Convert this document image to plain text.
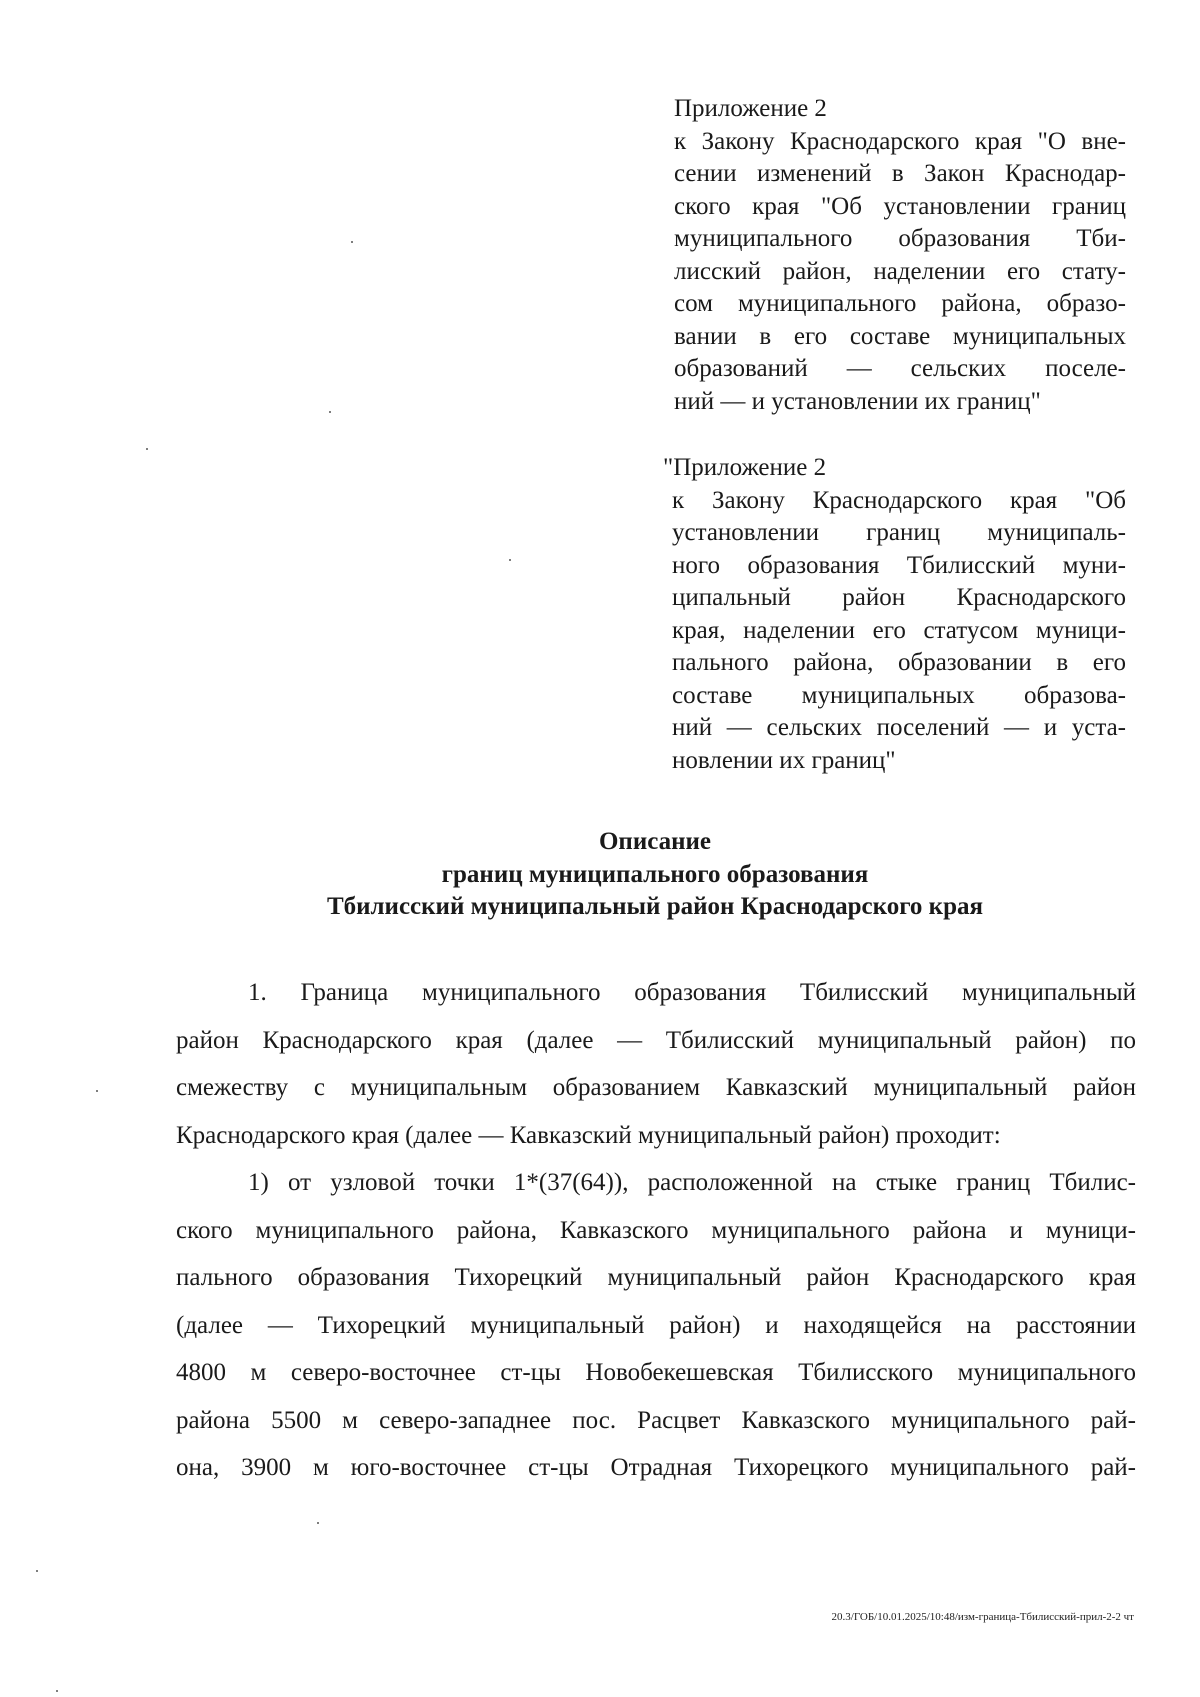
Приложение 2
к Закону Краснодарского края "О вне-
сении изменений в Закон Краснодар-
ского края "Об установлении границ
муниципального образования Тби-
лисский район, наделении его стату-
сом муниципального района, образо-
вании в его составе муниципальных
образований — сельских поселе-
ний — и установлении их границ"
"Приложение 2
к Закону Краснодарского края "Об
установлении границ муниципаль-
ного образования Тбилисский муни-
ципальный район Краснодарского
края, наделении его статусом муници-
пального района, образовании в его
составе муниципальных образова-
ний — сельских поселений — и уста-
новлении их границ"
Описание
границ муниципального образования
Тбилисский муниципальный район Краснодарского края
1. Граница муниципального образования Тбилисский муниципальный
район Краснодарского края (далее — Тбилисский муниципальный район) по
смежеству с муниципальным образованием Кавказский муниципальный район
Краснодарского края (далее — Кавказский муниципальный район) проходит:
1) от узловой точки 1*(37(64)), расположенной на стыке границ Тбилис-
ского муниципального района, Кавказского муниципального района и муници-
пального образования Тихорецкий муниципальный район Краснодарского края
(далее — Тихорецкий муниципальный район) и находящейся на расстоянии
4800 м северо-восточнее ст-цы Новобекешевская Тбилисского муниципального
района 5500 м северо-западнее пос. Расцвет Кавказского муниципального рай-
она, 3900 м юго-восточнее ст-цы Отрадная Тихорецкого муниципального рай-
20.3/ГОБ/10.01.2025/10:48/изм-граница-Тбилисский-прил-2-2 чт
